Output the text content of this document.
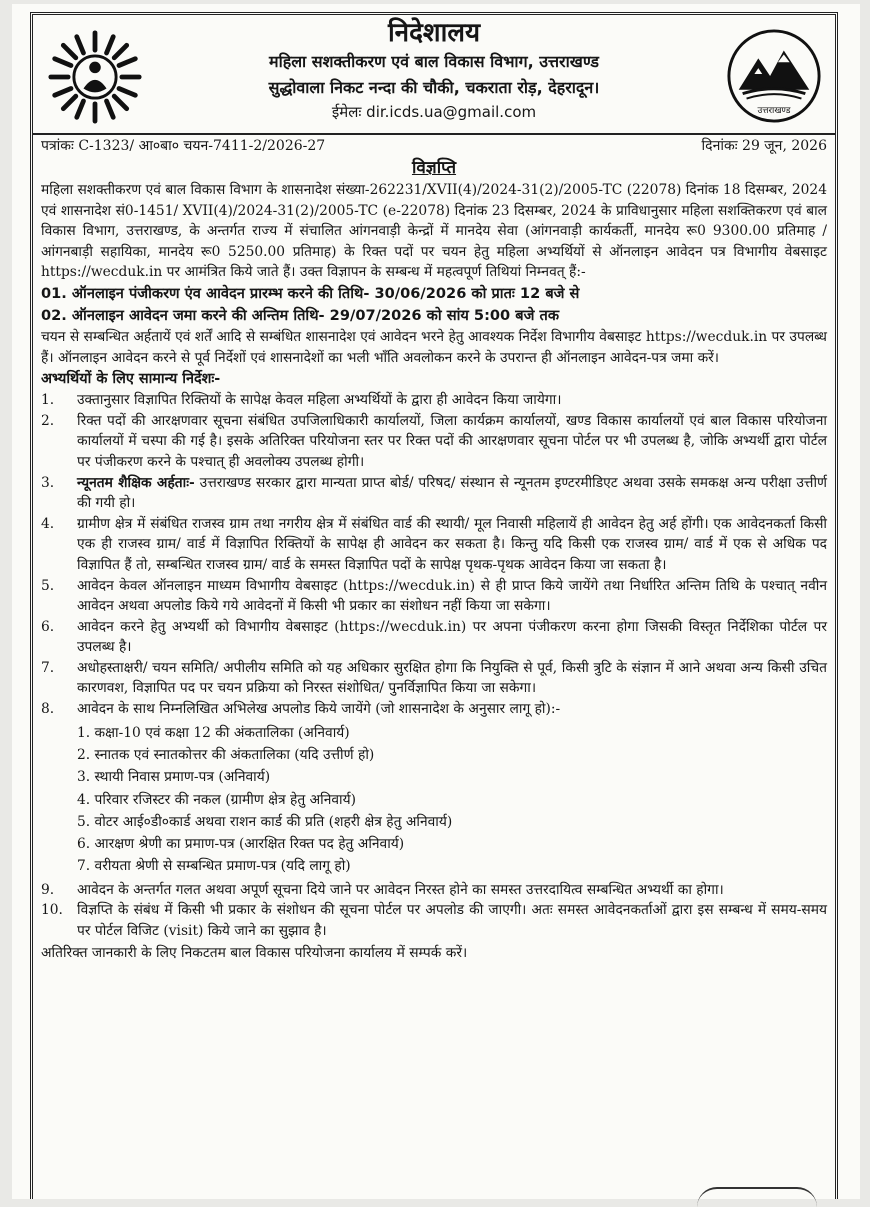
निदेशालय
महिला सशक्तीकरण एवं बाल विकास विभाग, उत्तराखण्ड
सुद्धोवाला निकट नन्दा की चौकी, चकराता रोड़, देहरादून।
ईमेलः dir.icds.ua@gmail.com	उत्तराखण्ड
पत्रांकः C-1323/ आ०बा० चयन-7411-2/2026-27	दिनांकः 29 जून, 2026
विज्ञप्ति
महिला सशक्तीकरण एवं बाल विकास विभाग के शासनादेश संख्या-262231/XVII(4)/2024-31(2)/2005-TC (22078) दिनांक 18 दिसम्बर, 2024 एवं शासनादेश सं0-1451/ XVII(4)/2024-31(2)/2005-TC (e-22078) दिनांक 23 दिसम्बर, 2024 के प्राविधानुसार महिला सशक्तिकरण एवं बाल विकास विभाग, उत्तराखण्ड, के अन्तर्गत राज्य में संचालित आंगनवाड़ी केन्द्रों में मानदेय सेवा (आंगनवाड़ी कार्यकर्ती, मानदेय रू0 9300.00 प्रतिमाह /आंगनबाड़ी सहायिका, मानदेय रू0 5250.00 प्रतिमाह) के रिक्त पदों पर चयन हेतु महिला अभ्यर्थियों से ऑनलाइन आवेदन पत्र विभागीय वेबसाइट https://wecduk.in पर आमंत्रित किये जाते हैं। उक्त विज्ञापन के सम्बन्ध में महत्वपूर्ण तिथियां निम्नवत् हैं:-
01. ऑनलाइन पंजीकरण एंव आवेदन प्रारम्भ करने की तिथि- 30/06/2026 को प्रातः 12 बजे से
02. ऑनलाइन आवेदन जमा करने की अन्तिम तिथि- 29/07/2026 को सांय 5:00 बजे तक
चयन से सम्बन्धित अर्हतायें एवं शर्तें आदि से सम्बंधित शासनादेश एवं आवेदन भरने हेतु आवश्यक निर्देश विभागीय वेबसाइट https://wecduk.in पर उपलब्ध हैं। ऑनलाइन आवेदन करने से पूर्व निर्देशों एवं शासनादेशों का भली भाँति अवलोकन करने के उपरान्त ही ऑनलाइन आवेदन-पत्र जमा करें।
अभ्यर्थियों के लिए सामान्य निर्देशः-
1.	उक्तानुसार विज्ञापित रिक्तियों के सापेक्ष केवल महिला अभ्यर्थियों के द्वारा ही आवेदन किया जायेगा।
2.	रिक्त पदों की आरक्षणवार सूचना संबंधित उपजिलाधिकारी कार्यालयों, जिला कार्यक्रम कार्यालयों, खण्ड विकास कार्यालयों एवं बाल विकास परियोजना कार्यालयों में चस्पा की गई है। इसके अतिरिक्त परियोजना स्तर पर रिक्त पदों की आरक्षणवार सूचना पोर्टल पर भी उपलब्ध है, जोकि अभ्यर्थी द्वारा पोर्टल पर पंजीकरण करने के पश्चात् ही अवलोक्य उपलब्ध होगी।
3.	न्यूनतम शैक्षिक अर्हताः- उत्तराखण्ड सरकार द्वारा मान्यता प्राप्त बोर्ड/ परिषद/ संस्थान से न्यूनतम इण्टरमीडिएट अथवा उसके समकक्ष अन्य परीक्षा उत्तीर्ण की गयी हो।
4.	ग्रामीण क्षेत्र में संबंधित राजस्व ग्राम तथा नगरीय क्षेत्र में संबंधित वार्ड की स्थायी/ मूल निवासी महिलायें ही आवेदन हेतु अर्ह होंगी। एक आवेदनकर्ता किसी एक ही राजस्व ग्राम/ वार्ड में विज्ञापित रिक्तियों के सापेक्ष ही आवेदन कर सकता है। किन्तु यदि किसी एक राजस्व ग्राम/ वार्ड में एक से अधिक पद विज्ञापित हैं तो, सम्बन्धित राजस्व ग्राम/ वार्ड के समस्त विज्ञापित पदों के सापेक्ष पृथक-पृथक आवेदन किया जा सकता है।
5.	आवेदन केवल ऑनलाइन माध्यम विभागीय वेबसाइट (https://wecduk.in) से ही प्राप्त किये जायेंगे तथा निर्धारित अन्तिम तिथि के पश्चात् नवीन आवेदन अथवा अपलोड किये गये आवेदनों में किसी भी प्रकार का संशोधन नहीं किया जा सकेगा।
6.	आवेदन करने हेतु अभ्यर्थी को विभागीय वेबसाइट (https://wecduk.in) पर अपना पंजीकरण करना होगा जिसकी विस्तृत निर्देशिका पोर्टल पर उपलब्ध है।
7.	अधोहस्ताक्षरी/ चयन समिति/ अपीलीय समिति को यह अधिकार सुरक्षित होगा कि नियुक्ति से पूर्व, किसी त्रुटि के संज्ञान में आने अथवा अन्य किसी उचित कारणवश, विज्ञापित पद पर चयन प्रक्रिया को निरस्त संशोधित/ पुनर्विज्ञापित किया जा सकेगा।
8.	आवेदन के साथ निम्नलिखित अभिलेख अपलोड किये जायेंगे (जो शासनादेश के अनुसार लागू हो):-
1. कक्षा-10 एवं कक्षा 12 की अंकतालिका (अनिवार्य)
2. स्नातक एवं स्नातकोत्तर की अंकतालिका (यदि उत्तीर्ण हो)
3. स्थायी निवास प्रमाण-पत्र (अनिवार्य)
4. परिवार रजिस्टर की नकल (ग्रामीण क्षेत्र हेतु अनिवार्य)
5. वोटर आई०डी०कार्ड अथवा राशन कार्ड की प्रति (शहरी क्षेत्र हेतु अनिवार्य)
6. आरक्षण श्रेणी का प्रमाण-पत्र (आरक्षित रिक्त पद हेतु अनिवार्य)
7. वरीयता श्रेणी से सम्बन्धित प्रमाण-पत्र (यदि लागू हो)
9.	आवेदन के अन्तर्गत गलत अथवा अपूर्ण सूचना दिये जाने पर आवेदन निरस्त होने का समस्त उत्तरदायित्व सम्बन्धित अभ्यर्थी का होगा।
10.	विज्ञप्ति के संबंध में किसी भी प्रकार के संशोधन की सूचना पोर्टल पर अपलोड की जाएगी। अतः समस्त आवेदनकर्ताओं द्वारा इस सम्बन्ध में समय-समय पर पोर्टल विजिट (visit) किये जाने का सुझाव है।
अतिरिक्त जानकारी के लिए निकटतम बाल विकास परियोजना कार्यालय में सम्पर्क करें।
